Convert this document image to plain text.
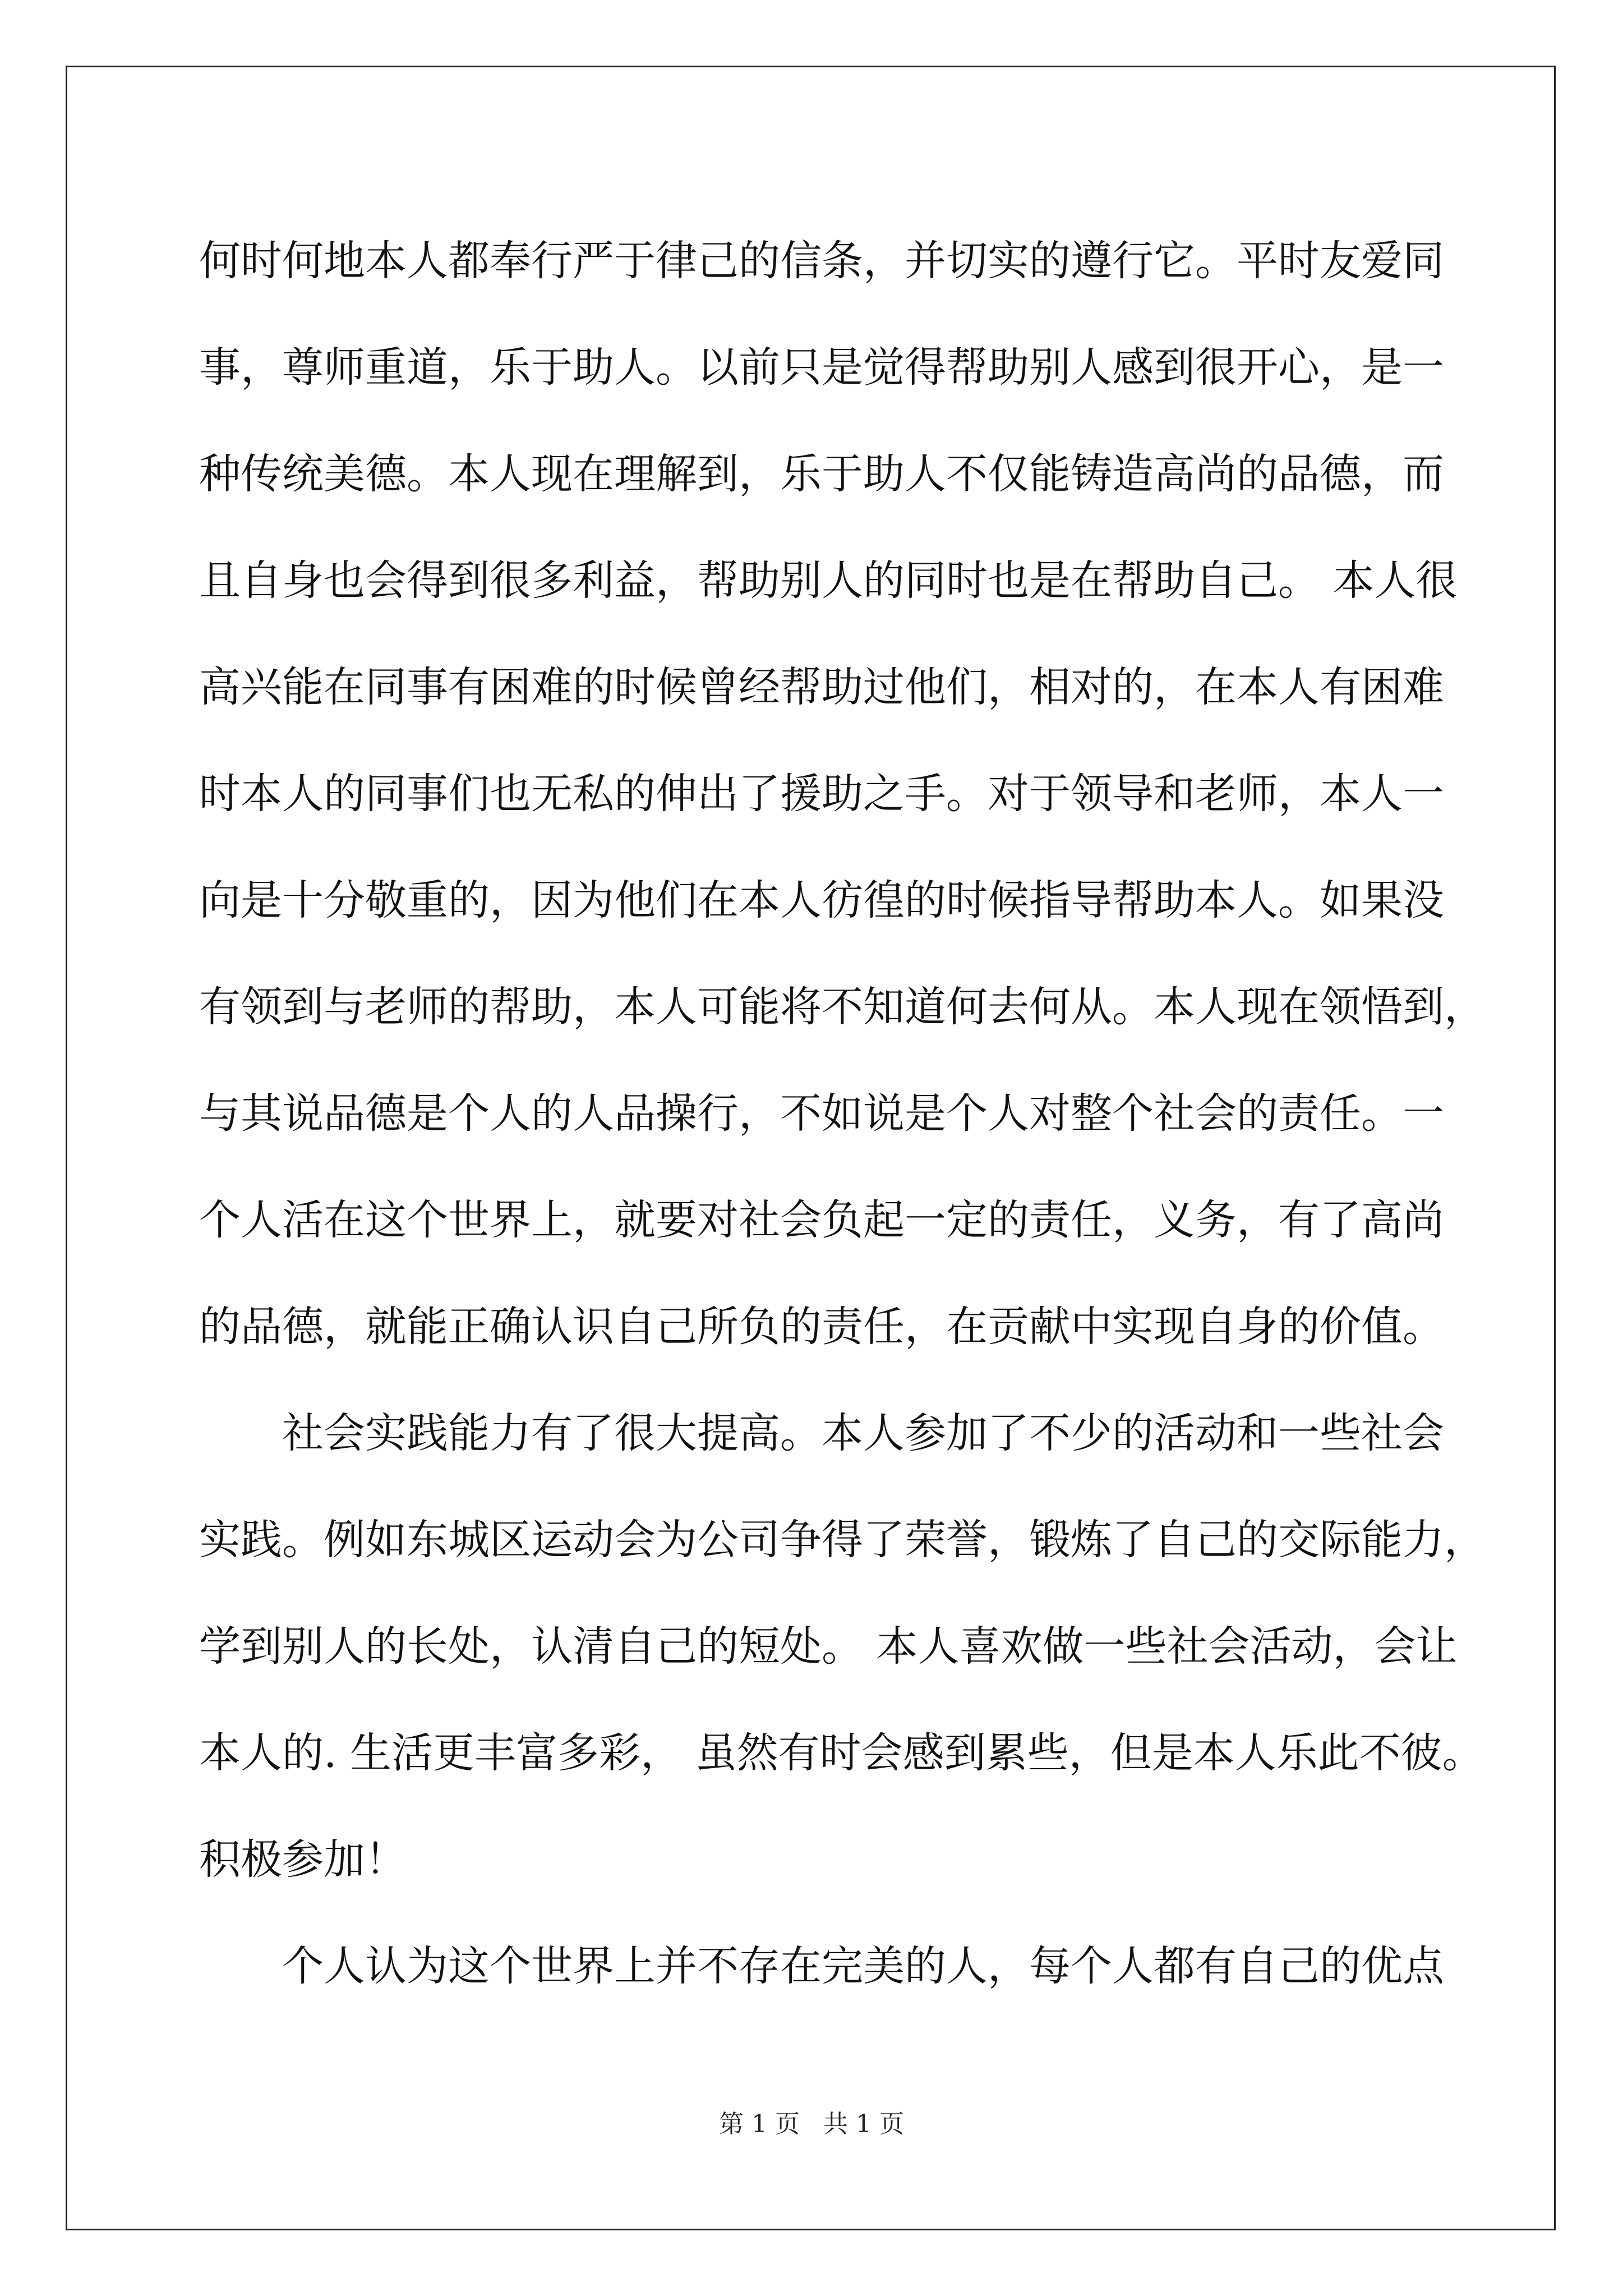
何时何地本人都奉行严于律己的信条，并切实的遵行它。平时友爱同
事，尊师重道，乐于助人。以前只是觉得帮助别人感到很开心，是一
种传统美德。本人现在理解到，乐于助人不仅能铸造高尚的品德，而
且自身也会得到很多利益，帮助别人的同时也是在帮助自己。 本人很
高兴能在同事有困难的时候曾经帮助过他们，相对的，在本人有困难
时本人的同事们也无私的伸出了援助之手。对于领导和老师，本人一
向是十分敬重的，因为他们在本人彷徨的时候指导帮助本人。如果没
有领到与老师的帮助，本人可能将不知道何去何从。本人现在领悟到，
与其说品德是个人的人品操行，不如说是个人对整个社会的责任。一
个人活在这个世界上，就要对社会负起一定的责任，义务，有了高尚
的品德，就能正确认识自己所负的责任，在贡献中实现自身的价值。
社会实践能力有了很大提高。本人参加了不少的活动和一些社会
实践。例如东城区运动会为公司争得了荣誉，锻炼了自己的交际能力，
学到别人的长处，认清自己的短处。 本人喜欢做一些社会活动，会让
本人的. 生活更丰富多彩， 虽然有时会感到累些，但是本人乐此不彼。
积极参加！
个人认为这个世界上并不存在完美的人，每个人都有自己的优点
第 1 页   共 1 页
